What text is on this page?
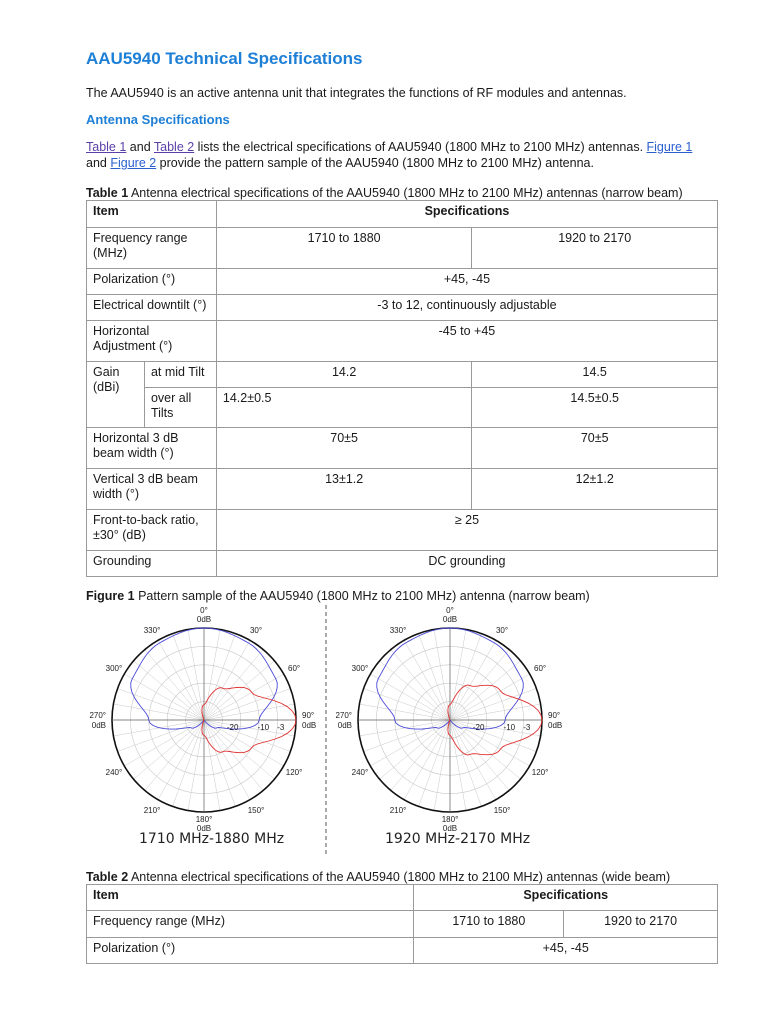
AAU5940 Technical Specifications

The AAU5940 is an active antenna unit that integrates the functions of RF modules and antennas.

Antenna Specifications

Table 1 and Table 2 lists the electrical specifications of AAU5940 (1800 MHz to 2100 MHz) antennas. Figure 1
and Figure 2 provide the pattern sample of the AAU5940 (1800 MHz to 2100 MHz) antenna.

Table 1 Antenna electrical specifications of the AAU5940 (1800 MHz to 2100 MHz) antennas (narrow beam)

Item		Specifications	
Frequency range (MHz)		1710 to 1880	1920 to 2170
Polarization (°)		+45, -45	
Electrical downtilt (°)		-3 to 12, continuously adjustable	
Horizontal Adjustment (°)		-45 to +45	
Gain (dBi)	at mid Tilt	14.2	14.5
	over all Tilts	14.2±0.5	14.5±0.5
Horizontal 3 dB beam width (°)		70±5	70±5
Vertical 3 dB beam width (°)		13±1.2	12±1.2
Front-to-back ratio, ±30° (dB)		≥ 25	
Grounding		DC grounding	

Figure 1 Pattern sample of the AAU5940 (1800 MHz to 2100 MHz) antenna (narrow beam)

0°
0dB
30°
60°
90°
0dB
120°
150°
180°
0dB
210°
240°
270°
0dB
300°
330°
-20 -10 -3
0°
0dB
30°
60°
90°
0dB
120°
150°
180°
0dB
210°
240°
270°
0dB
300°
330°
-20 -10 -3
1710 MHz-1880 MHz	1920 MHz-2170 MHz

Table 2 Antenna electrical specifications of the AAU5940 (1800 MHz to 2100 MHz) antennas (wide beam)

Item	Specifications	
Frequency range (MHz)	1710 to 1880	1920 to 2170
Polarization (°)	+45, -45	
